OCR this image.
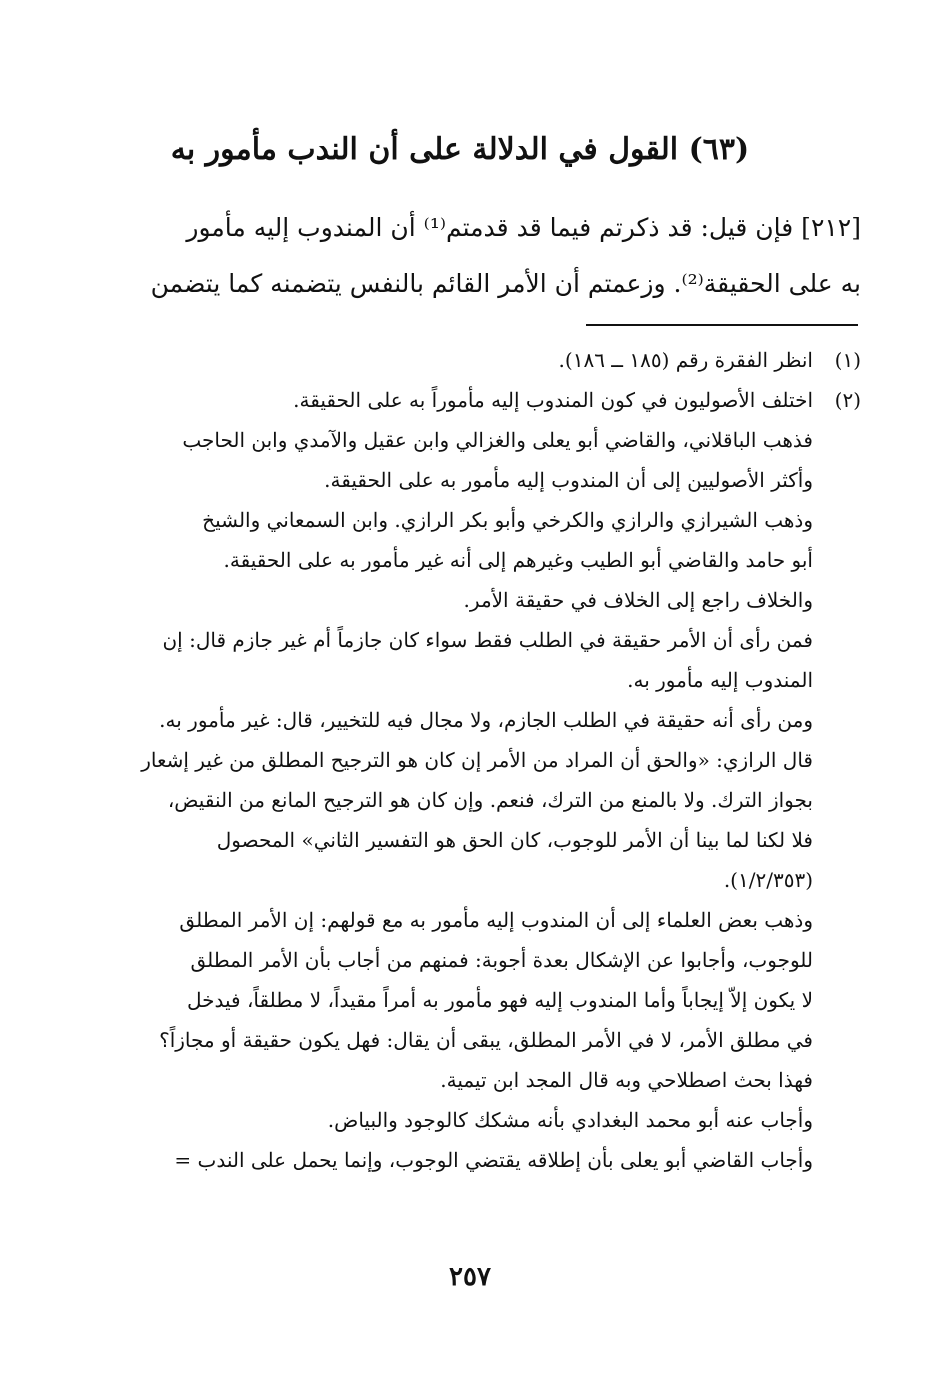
(٦٣) القول في الدلالة على أن الندب مأمور به
[٢١٢] فإن قيل: قد ذكرتم فيما قد قدمتم⁽¹⁾ أن المندوب إليه مأمور
به على الحقيقة⁽²⁾. وزعمتم أن الأمر القائم بالنفس يتضمنه كما يتضمن
(١)انظر الفقرة رقم (١٨٥ ــ ١٨٦).
(٢)اختلف الأصوليون في كون المندوب إليه مأموراً به على الحقيقة.
فذهب الباقلاني، والقاضي أبو يعلى والغزالي وابن عقيل والآمدي وابن الحاجب
وأكثر الأصوليين إلى أن المندوب إليه مأمور به على الحقيقة.
وذهب الشيرازي والرازي والكرخي وأبو بكر الرازي. وابن السمعاني والشيخ
أبو حامد والقاضي أبو الطيب وغيرهم إلى أنه غير مأمور به على الحقيقة.
والخلاف راجع إلى الخلاف في حقيقة الأمر.
فمن رأى أن الأمر حقيقة في الطلب فقط سواء كان جازماً أم غير جازم قال: إن
المندوب إليه مأمور به.
ومن رأى أنه حقيقة في الطلب الجازم، ولا مجال فيه للتخيير، قال: غير مأمور به.
قال الرازي: «والحق أن المراد من الأمر إن كان هو الترجيح المطلق من غير إشعار
بجواز الترك. ولا بالمنع من الترك، فنعم. وإن كان هو الترجيح المانع من النقيض،
فلا لكنا لما بينا أن الأمر للوجوب، كان الحق هو التفسير الثاني» المحصول
(١/٢/٣٥٣).
وذهب بعض العلماء إلى أن المندوب إليه مأمور به مع قولهم: إن الأمر المطلق
للوجوب، وأجابوا عن الإشكال بعدة أجوبة: فمنهم من أجاب بأن الأمر المطلق
لا يكون إلاّ إيجاباً وأما المندوب إليه فهو مأمور به أمراً مقيداً، لا مطلقاً، فيدخل
في مطلق الأمر، لا في الأمر المطلق، يبقى أن يقال: فهل يكون حقيقة أو مجازاً؟
فهذا بحث اصطلاحي وبه قال المجد ابن تيمية.
وأجاب عنه أبو محمد البغدادي بأنه مشكك كالوجود والبياض.
وأجاب القاضي أبو يعلى بأن إطلاقه يقتضي الوجوب، وإنما يحمل على الندب =
٢٥٧
